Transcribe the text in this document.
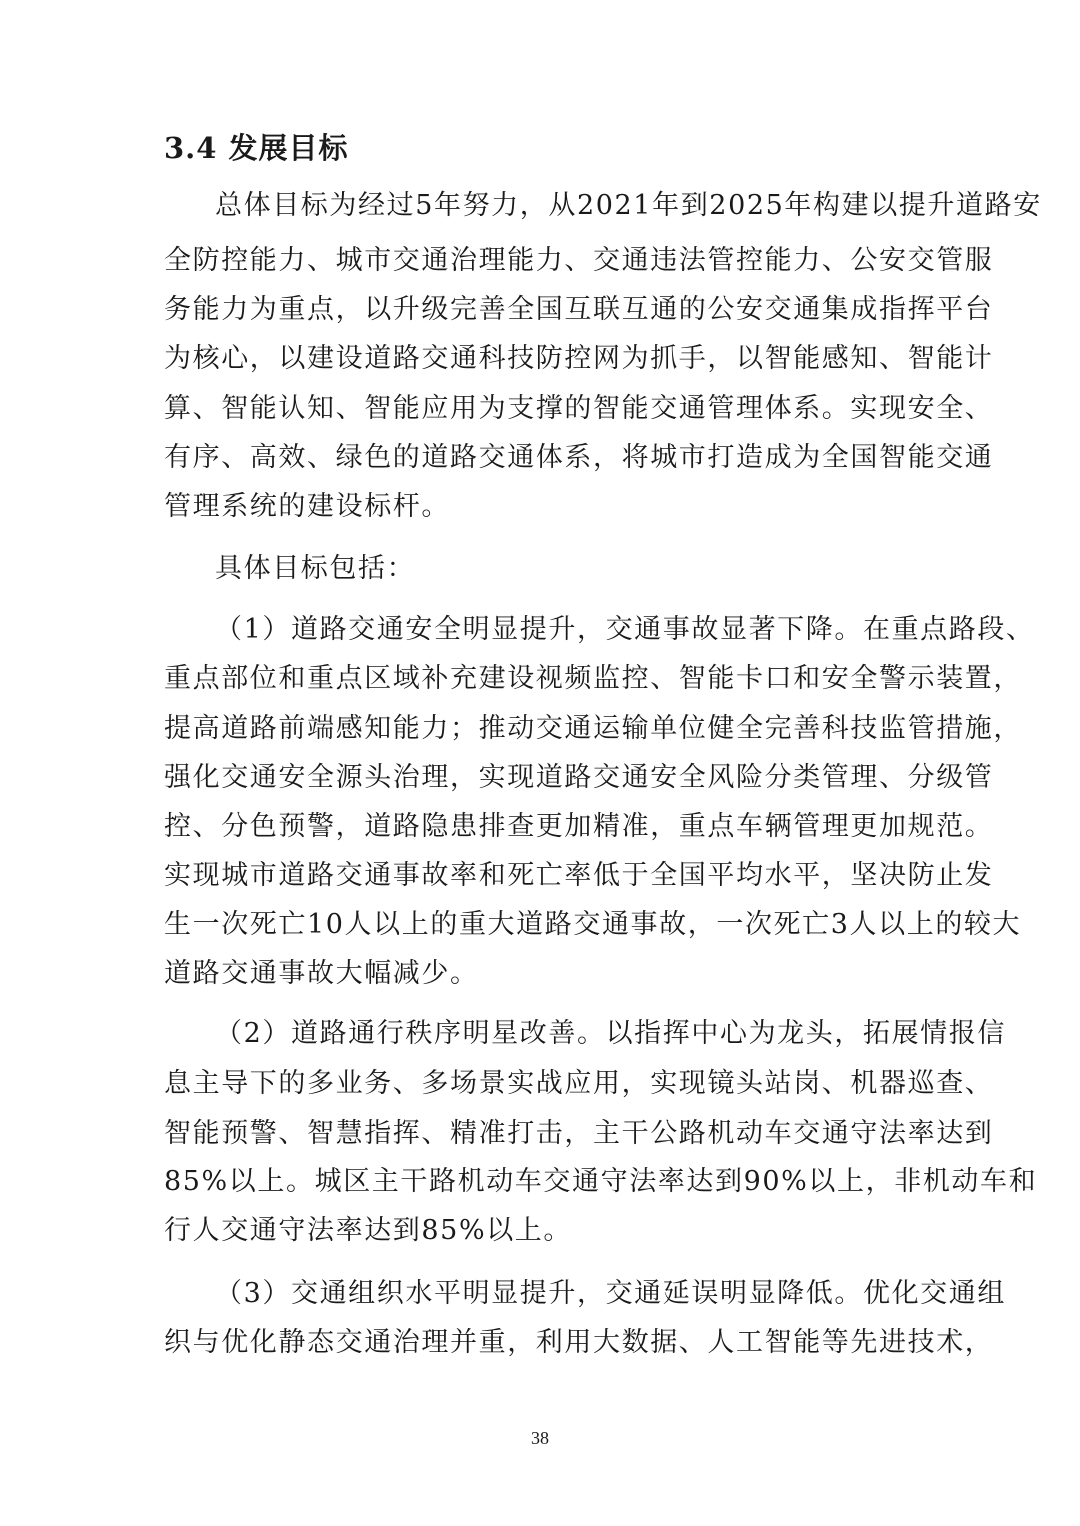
3.4 发展目标
总体目标为经过5年努力，从2021年到2025年构建以提升道路安
全防控能力、城市交通治理能力、交通违法管控能力、公安交管服
务能力为重点，以升级完善全国互联互通的公安交通集成指挥平台
为核心，以建设道路交通科技防控网为抓手，以智能感知、智能计
算、智能认知、智能应用为支撑的智能交通管理体系。实现安全、
有序、高效、绿色的道路交通体系，将城市打造成为全国智能交通
管理系统的建设标杆。
具体目标包括：
（1）道路交通安全明显提升，交通事故显著下降。在重点路段、
重点部位和重点区域补充建设视频监控、智能卡口和安全警示装置，
提高道路前端感知能力；推动交通运输单位健全完善科技监管措施，
强化交通安全源头治理，实现道路交通安全风险分类管理、分级管
控、分色预警，道路隐患排查更加精准，重点车辆管理更加规范。
实现城市道路交通事故率和死亡率低于全国平均水平，坚决防止发
生一次死亡10人以上的重大道路交通事故，一次死亡3人以上的较大
道路交通事故大幅减少。
（2）道路通行秩序明星改善。以指挥中心为龙头，拓展情报信
息主导下的多业务、多场景实战应用，实现镜头站岗、机器巡查、
智能预警、智慧指挥、精准打击，主干公路机动车交通守法率达到
85%以上。城区主干路机动车交通守法率达到90%以上，非机动车和
行人交通守法率达到85%以上。
（3）交通组织水平明显提升，交通延误明显降低。优化交通组
织与优化静态交通治理并重，利用大数据、人工智能等先进技术，
38
